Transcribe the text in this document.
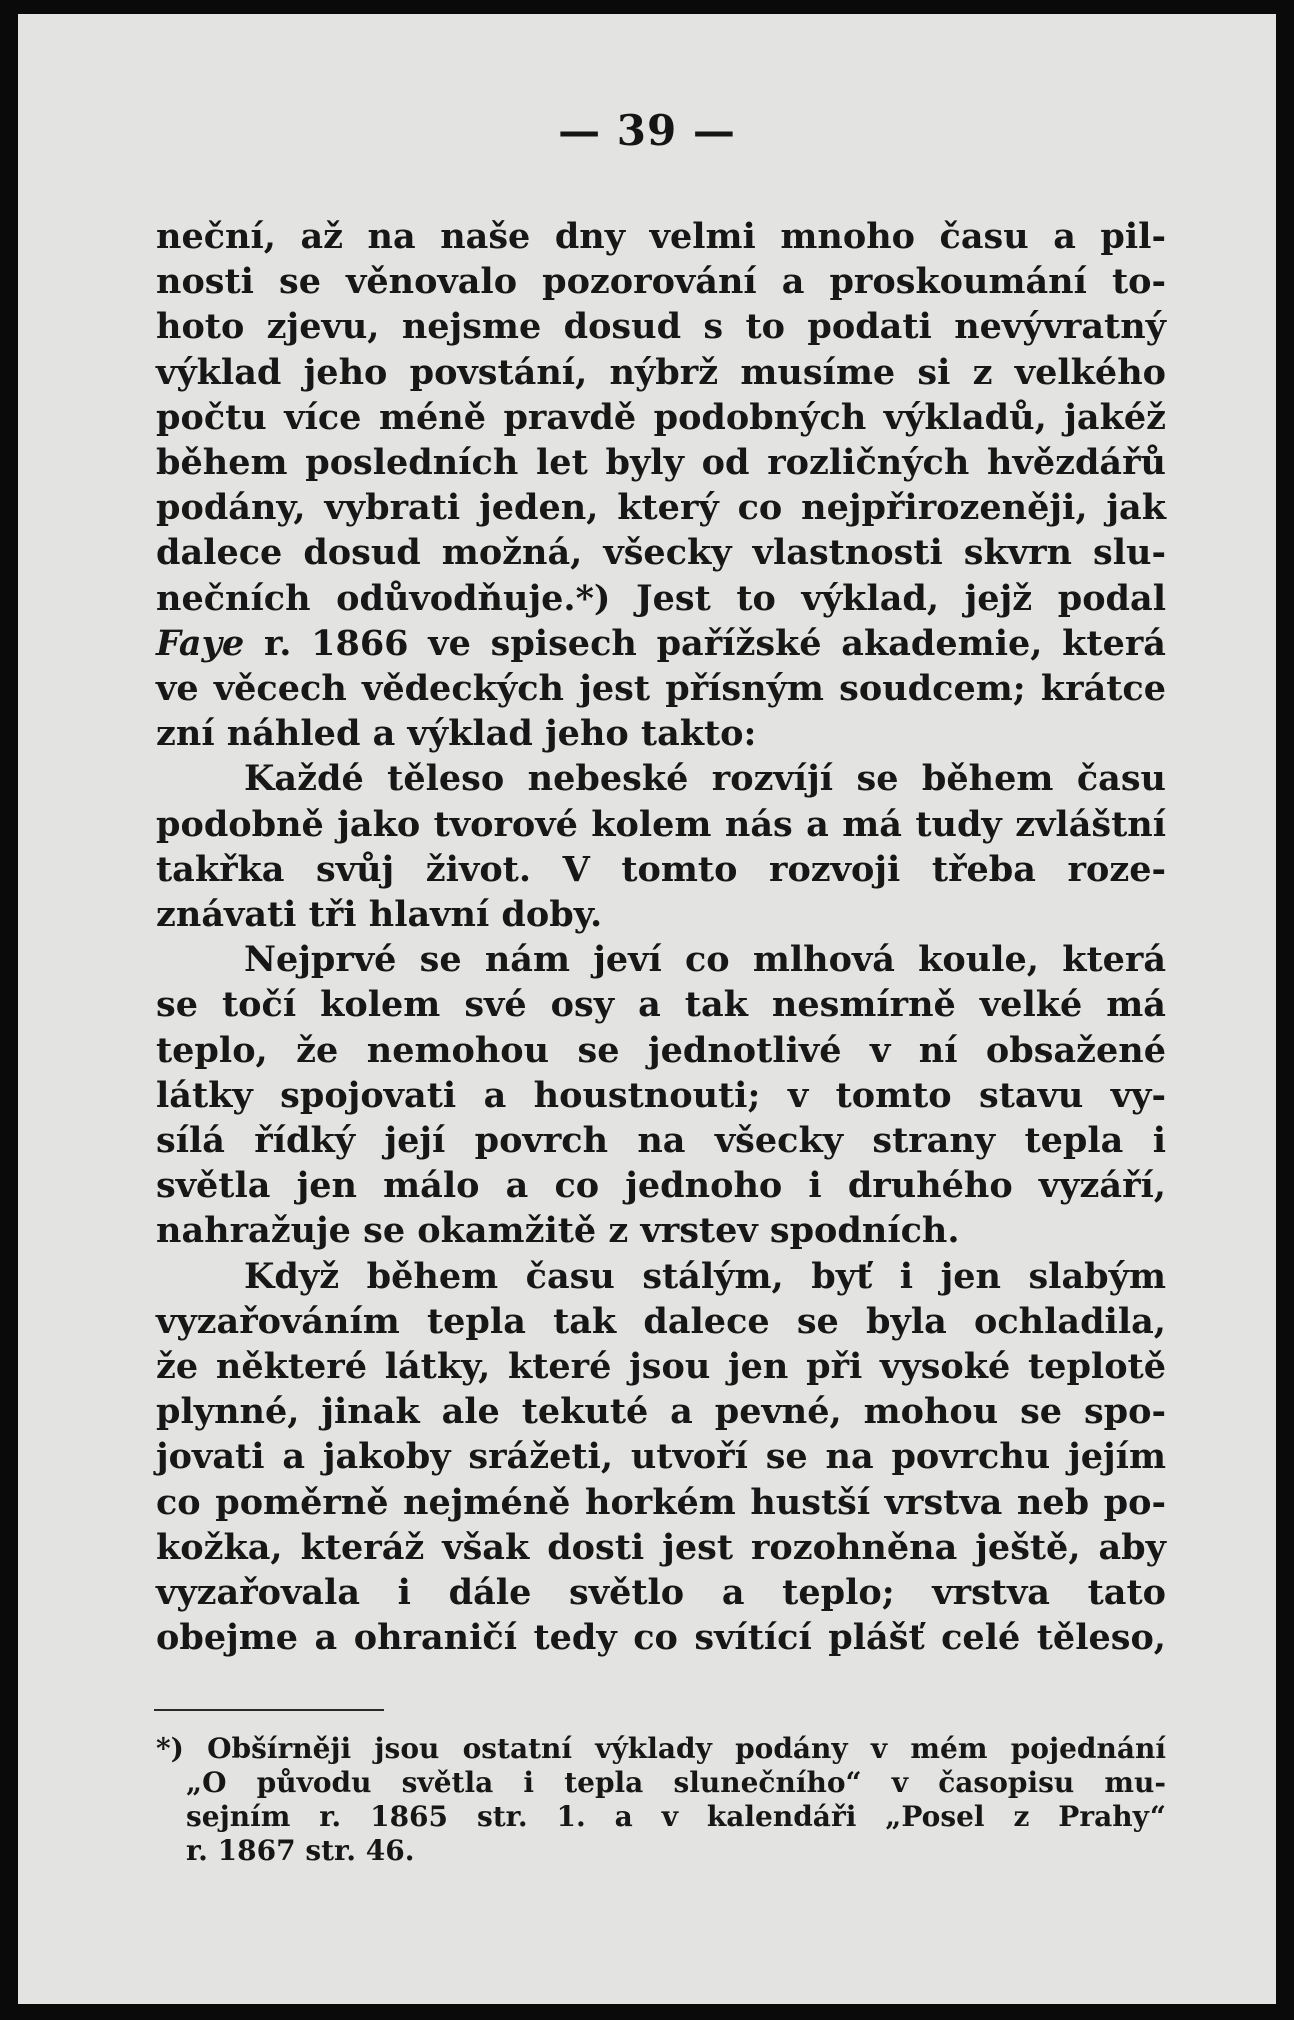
— 39 —
neční, až na naše dny velmi mnoho času a pil-
nosti se věnovalo pozorování a proskoumání to-
hoto zjevu, nejsme dosud s to podati nevývratný
výklad jeho povstání, nýbrž musíme si z velkého
počtu více méně pravdě podobných výkladů, jakéž
během posledních let byly od rozličných hvězdářů
podány, vybrati jeden, který co nejpřirozeněji, jak
dalece dosud možná, všecky vlastnosti skvrn slu-
nečních odůvodňuje.*) Jest to výklad, jejž podal
Faye r. 1866 ve spisech pařížské akademie, která
ve věcech vědeckých jest přísným soudcem; krátce
zní náhled a výklad jeho takto:
Každé těleso nebeské rozvíjí se během času
podobně jako tvorové kolem nás a má tudy zvláštní
takřka svůj život. V tomto rozvoji třeba roze-
znávati tři hlavní doby.
Nejprvé se nám jeví co mlhová koule, která
se točí kolem své osy a tak nesmírně velké má
teplo, že nemohou se jednotlivé v ní obsažené
látky spojovati a houstnouti; v tomto stavu vy-
sílá řídký její povrch na všecky strany tepla i
světla jen málo a co jednoho i druhého vyzáří,
nahražuje se okamžitě z vrstev spodních.
Když během času stálým, byť i jen slabým
vyzařováním tepla tak dalece se byla ochladila,
že některé látky, které jsou jen při vysoké teplotě
plynné, jinak ale tekuté a pevné, mohou se spo-
jovati a jakoby srážeti, utvoří se na povrchu jejím
co poměrně nejméně horkém hustší vrstva neb po-
kožka, kteráž však dosti jest rozohněna ještě, aby
vyzařovala i dále světlo a teplo; vrstva tato
obejme a ohraničí tedy co svítící plášť celé těleso,
*) Obšírněji jsou ostatní výklady podány v mém pojednání
„O původu světla i tepla slunečního“ v časopisu mu-
sejním r. 1865 str. 1. a v kalendáři „Posel z Prahy“
r. 1867 str. 46.
